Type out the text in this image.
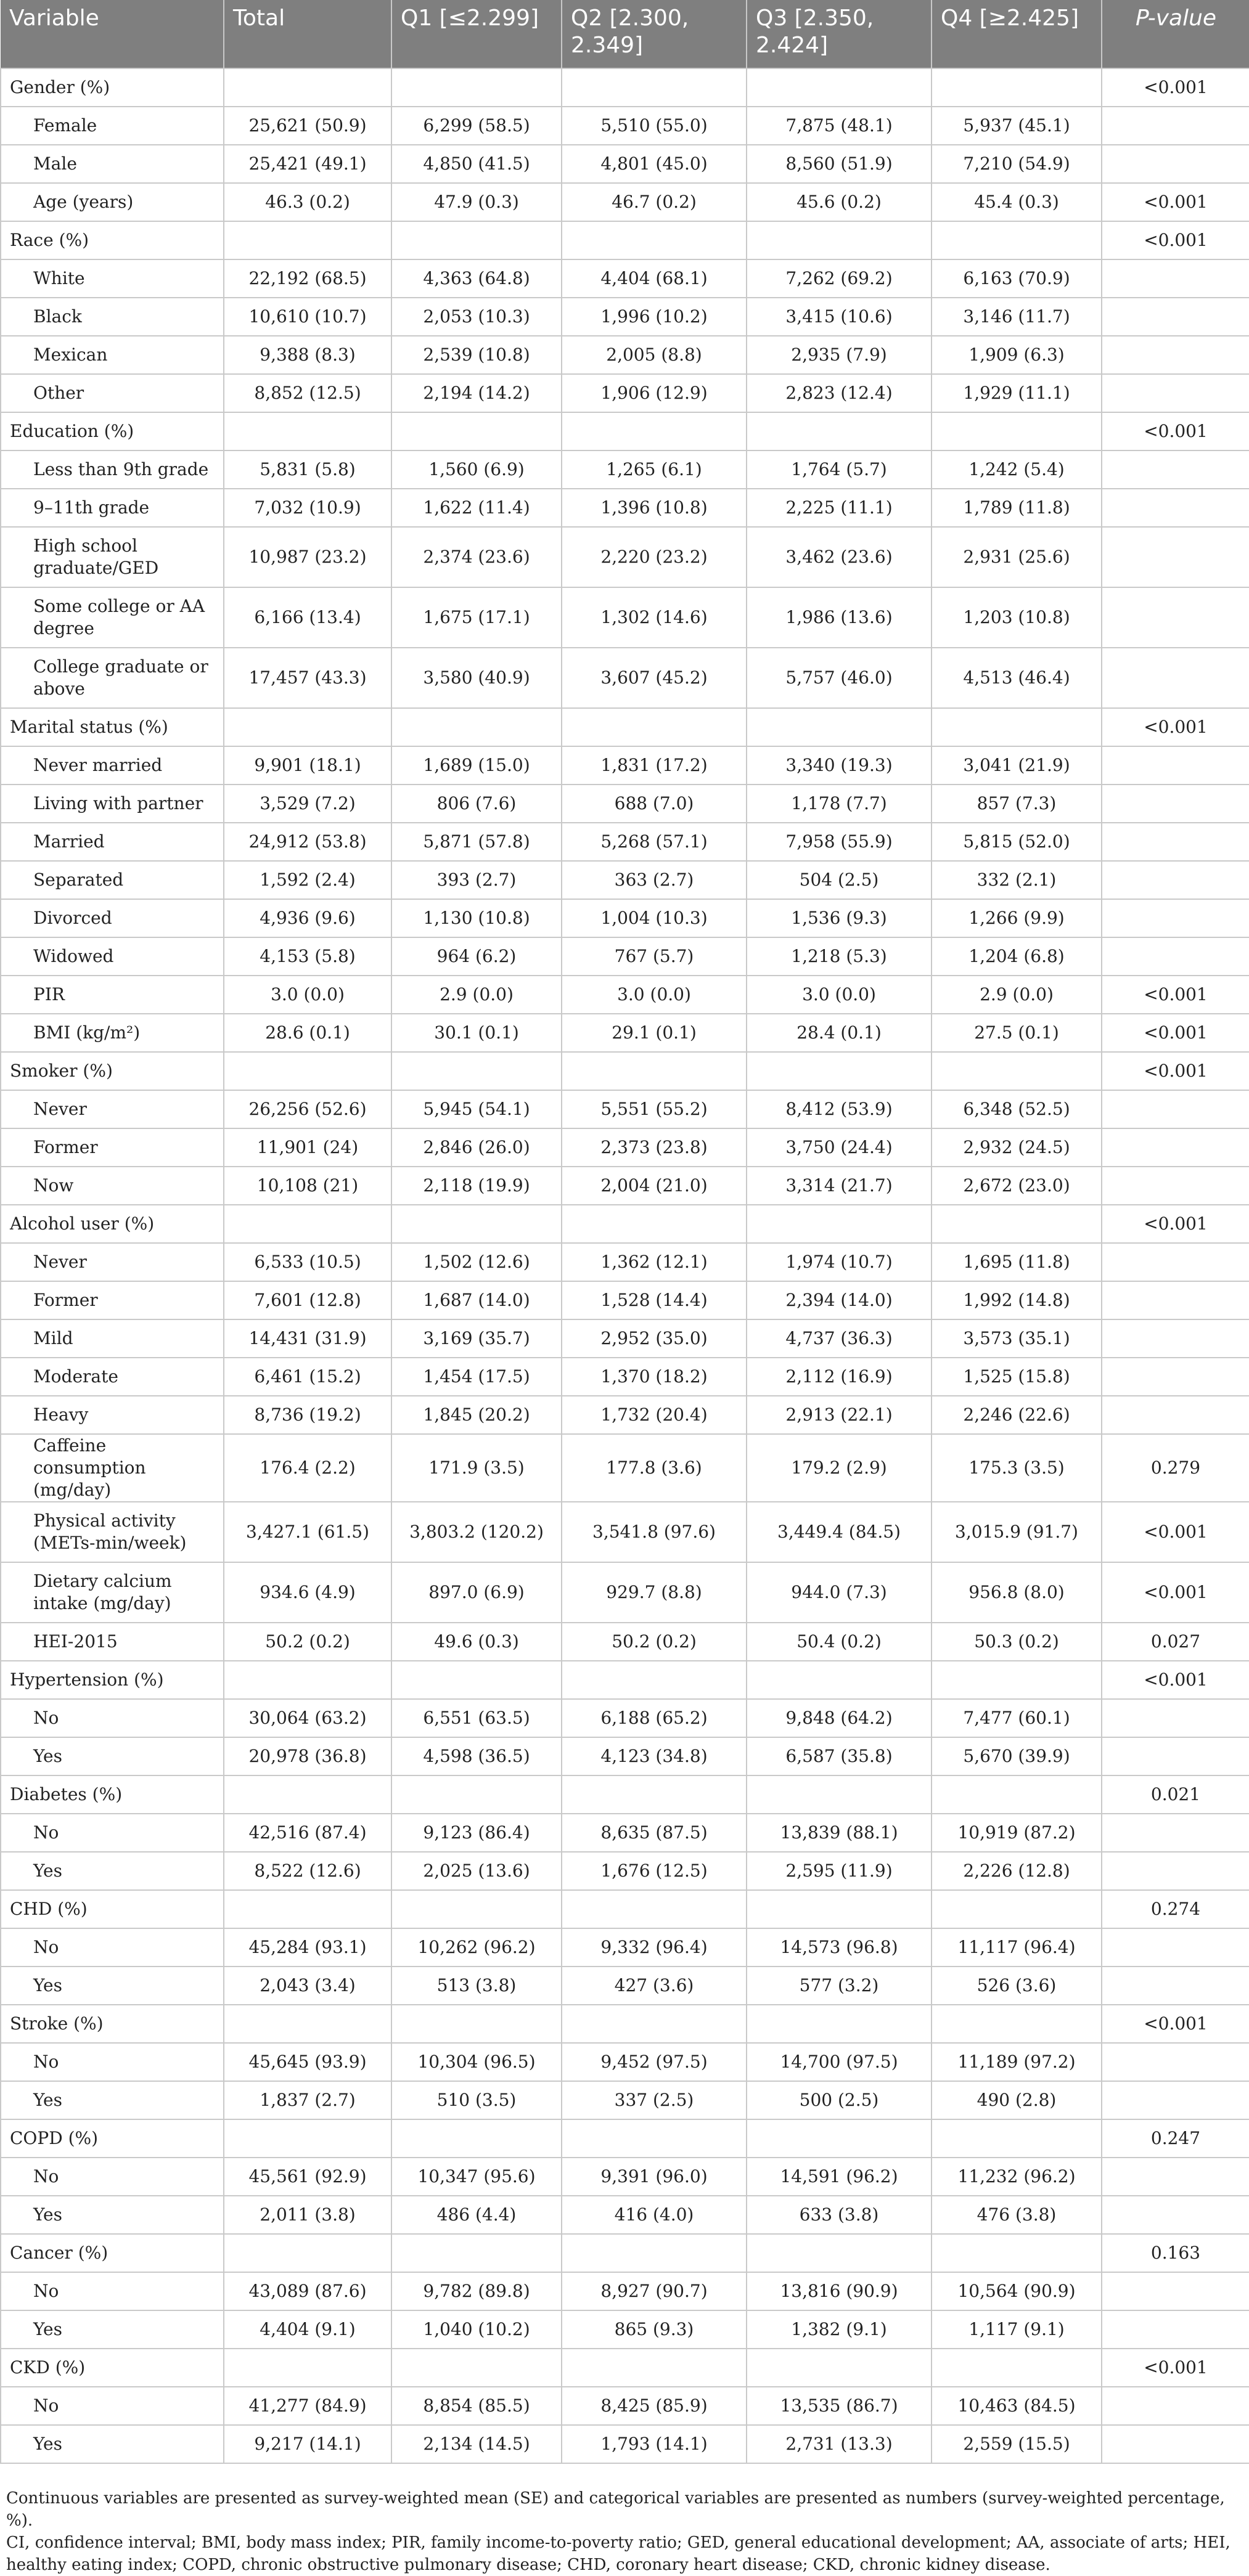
Variable	Total	Q1 [≤2.299]	Q2 [2.300, 2.349]	Q3 [2.350, 2.424]	Q4 [≥2.425]	P-value
Gender (%)						<0.001
Female	25,621 (50.9)	6,299 (58.5)	5,510 (55.0)	7,875 (48.1)	5,937 (45.1)	
Male	25,421 (49.1)	4,850 (41.5)	4,801 (45.0)	8,560 (51.9)	7,210 (54.9)	
Age (years)	46.3 (0.2)	47.9 (0.3)	46.7 (0.2)	45.6 (0.2)	45.4 (0.3)	<0.001
Race (%)						<0.001
White	22,192 (68.5)	4,363 (64.8)	4,404 (68.1)	7,262 (69.2)	6,163 (70.9)	
Black	10,610 (10.7)	2,053 (10.3)	1,996 (10.2)	3,415 (10.6)	3,146 (11.7)	
Mexican	9,388 (8.3)	2,539 (10.8)	2,005 (8.8)	2,935 (7.9)	1,909 (6.3)	
Other	8,852 (12.5)	2,194 (14.2)	1,906 (12.9)	2,823 (12.4)	1,929 (11.1)	
Education (%)						<0.001
Less than 9th grade	5,831 (5.8)	1,560 (6.9)	1,265 (6.1)	1,764 (5.7)	1,242 (5.4)	
9–11th grade	7,032 (10.9)	1,622 (11.4)	1,396 (10.8)	2,225 (11.1)	1,789 (11.8)	
High school graduate/GED	10,987 (23.2)	2,374 (23.6)	2,220 (23.2)	3,462 (23.6)	2,931 (25.6)	
Some college or AA degree	6,166 (13.4)	1,675 (17.1)	1,302 (14.6)	1,986 (13.6)	1,203 (10.8)	
College graduate or above	17,457 (43.3)	3,580 (40.9)	3,607 (45.2)	5,757 (46.0)	4,513 (46.4)	
Marital status (%)						<0.001
Never married	9,901 (18.1)	1,689 (15.0)	1,831 (17.2)	3,340 (19.3)	3,041 (21.9)	
Living with partner	3,529 (7.2)	806 (7.6)	688 (7.0)	1,178 (7.7)	857 (7.3)	
Married	24,912 (53.8)	5,871 (57.8)	5,268 (57.1)	7,958 (55.9)	5,815 (52.0)	
Separated	1,592 (2.4)	393 (2.7)	363 (2.7)	504 (2.5)	332 (2.1)	
Divorced	4,936 (9.6)	1,130 (10.8)	1,004 (10.3)	1,536 (9.3)	1,266 (9.9)	
Widowed	4,153 (5.8)	964 (6.2)	767 (5.7)	1,218 (5.3)	1,204 (6.8)	
PIR	3.0 (0.0)	2.9 (0.0)	3.0 (0.0)	3.0 (0.0)	2.9 (0.0)	<0.001
BMI (kg/m²)	28.6 (0.1)	30.1 (0.1)	29.1 (0.1)	28.4 (0.1)	27.5 (0.1)	<0.001
Smoker (%)						<0.001
Never	26,256 (52.6)	5,945 (54.1)	5,551 (55.2)	8,412 (53.9)	6,348 (52.5)	
Former	11,901 (24)	2,846 (26.0)	2,373 (23.8)	3,750 (24.4)	2,932 (24.5)	
Now	10,108 (21)	2,118 (19.9)	2,004 (21.0)	3,314 (21.7)	2,672 (23.0)	
Alcohol user (%)						<0.001
Never	6,533 (10.5)	1,502 (12.6)	1,362 (12.1)	1,974 (10.7)	1,695 (11.8)	
Former	7,601 (12.8)	1,687 (14.0)	1,528 (14.4)	2,394 (14.0)	1,992 (14.8)	
Mild	14,431 (31.9)	3,169 (35.7)	2,952 (35.0)	4,737 (36.3)	3,573 (35.1)	
Moderate	6,461 (15.2)	1,454 (17.5)	1,370 (18.2)	2,112 (16.9)	1,525 (15.8)	
Heavy	8,736 (19.2)	1,845 (20.2)	1,732 (20.4)	2,913 (22.1)	2,246 (22.6)	
Caffeine consumption (mg/day)	176.4 (2.2)	171.9 (3.5)	177.8 (3.6)	179.2 (2.9)	175.3 (3.5)	0.279
Physical activity (METs-min/week)	3,427.1 (61.5)	3,803.2 (120.2)	3,541.8 (97.6)	3,449.4 (84.5)	3,015.9 (91.7)	<0.001
Dietary calcium intake (mg/day)	934.6 (4.9)	897.0 (6.9)	929.7 (8.8)	944.0 (7.3)	956.8 (8.0)	<0.001
HEI-2015	50.2 (0.2)	49.6 (0.3)	50.2 (0.2)	50.4 (0.2)	50.3 (0.2)	0.027
Hypertension (%)						<0.001
No	30,064 (63.2)	6,551 (63.5)	6,188 (65.2)	9,848 (64.2)	7,477 (60.1)	
Yes	20,978 (36.8)	4,598 (36.5)	4,123 (34.8)	6,587 (35.8)	5,670 (39.9)	
Diabetes (%)						0.021
No	42,516 (87.4)	9,123 (86.4)	8,635 (87.5)	13,839 (88.1)	10,919 (87.2)	
Yes	8,522 (12.6)	2,025 (13.6)	1,676 (12.5)	2,595 (11.9)	2,226 (12.8)	
CHD (%)						0.274
No	45,284 (93.1)	10,262 (96.2)	9,332 (96.4)	14,573 (96.8)	11,117 (96.4)	
Yes	2,043 (3.4)	513 (3.8)	427 (3.6)	577 (3.2)	526 (3.6)	
Stroke (%)						<0.001
No	45,645 (93.9)	10,304 (96.5)	9,452 (97.5)	14,700 (97.5)	11,189 (97.2)	
Yes	1,837 (2.7)	510 (3.5)	337 (2.5)	500 (2.5)	490 (2.8)	
COPD (%)						0.247
No	45,561 (92.9)	10,347 (95.6)	9,391 (96.0)	14,591 (96.2)	11,232 (96.2)	
Yes	2,011 (3.8)	486 (4.4)	416 (4.0)	633 (3.8)	476 (3.8)	
Cancer (%)						0.163
No	43,089 (87.6)	9,782 (89.8)	8,927 (90.7)	13,816 (90.9)	10,564 (90.9)	
Yes	4,404 (9.1)	1,040 (10.2)	865 (9.3)	1,382 (9.1)	1,117 (9.1)	
CKD (%)						<0.001
No	41,277 (84.9)	8,854 (85.5)	8,425 (85.9)	13,535 (86.7)	10,463 (84.5)	
Yes	9,217 (14.1)	2,134 (14.5)	1,793 (14.1)	2,731 (13.3)	2,559 (15.5)	
Continuous variables are presented as survey-weighted mean (SE) and categorical variables are presented as numbers (survey-weighted percentage, %).
CI, confidence interval; BMI, body mass index; PIR, family income-to-poverty ratio; GED, general educational development; AA, associate of arts; HEI, healthy eating index; COPD, chronic obstructive pulmonary disease; CHD, coronary heart disease; CKD, chronic kidney disease.
